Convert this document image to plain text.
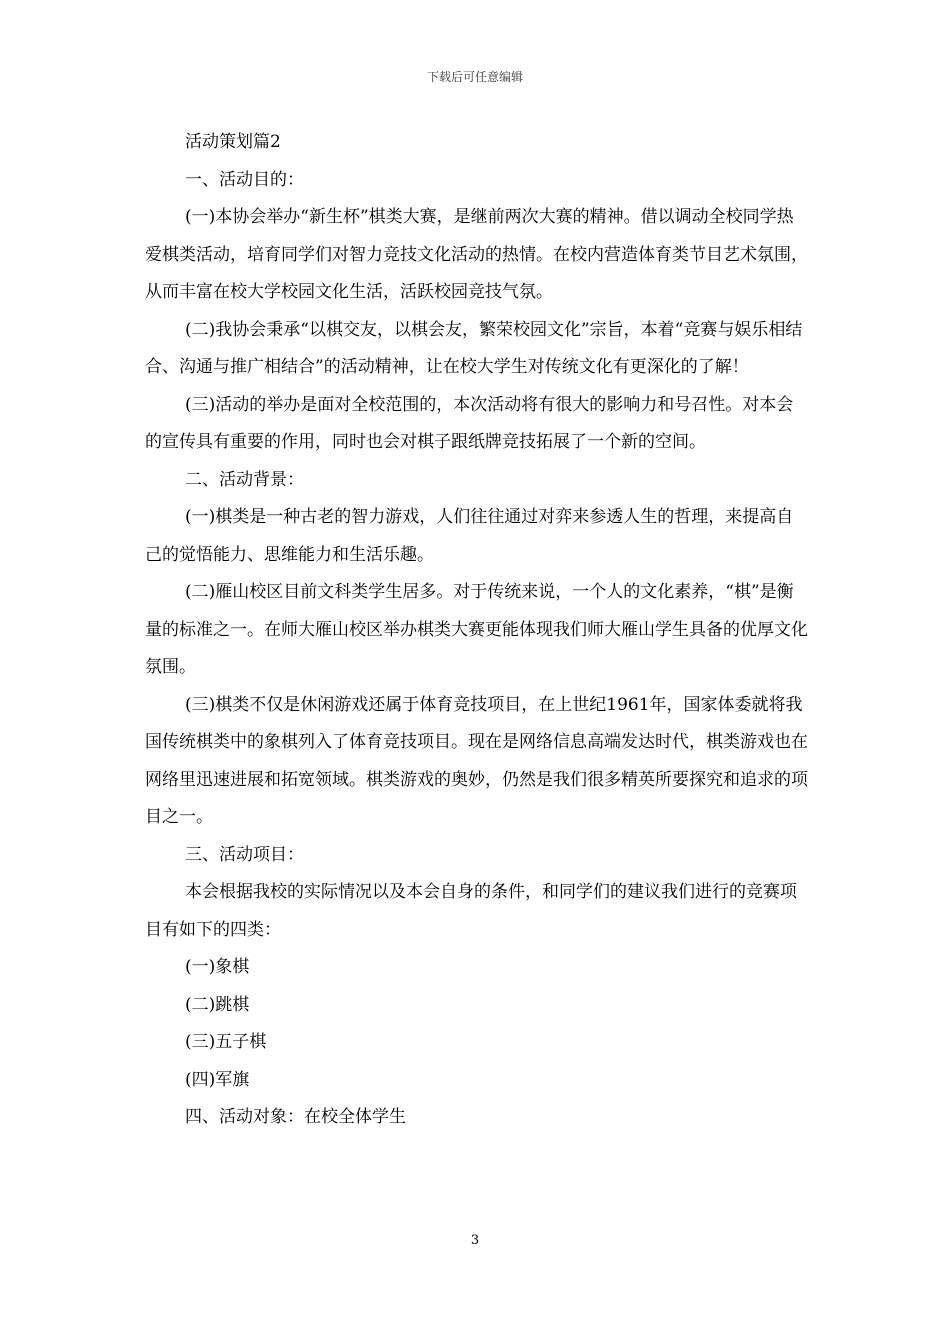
下载后可任意编辑

活动策划篇2

一、活动目的：

(一)本协会举办“新生杯”棋类大赛，是继前两次大赛的精神。借以调动全校同学热爱棋类活动，培育同学们对智力竞技文化活动的热情。在校内营造体育类节目艺术氛围，从而丰富在校大学校园文化生活，活跃校园竞技气氛。

(二)我协会秉承“以棋交友，以棋会友，繁荣校园文化”宗旨，本着“竞赛与娱乐相结合、沟通与推广相结合”的活动精神，让在校大学生对传统文化有更深化的了解！

(三)活动的举办是面对全校范围的，本次活动将有很大的影响力和号召性。对本会的宣传具有重要的作用，同时也会对棋子跟纸牌竞技拓展了一个新的空间。

二、活动背景：

(一)棋类是一种古老的智力游戏，人们往往通过对弈来参透人生的哲理，来提高自己的觉悟能力、思维能力和生活乐趣。

(二)雁山校区目前文科类学生居多。对于传统来说，一个人的文化素养，“棋”是衡量的标准之一。在师大雁山校区举办棋类大赛更能体现我们师大雁山学生具备的优厚文化氛围。

(三)棋类不仅是休闲游戏还属于体育竞技项目，在上世纪1961年，国家体委就将我国传统棋类中的象棋列入了体育竞技项目。现在是网络信息高端发达时代，棋类游戏也在网络里迅速进展和拓宽领域。棋类游戏的奥妙，仍然是我们很多精英所要探究和追求的项目之一。

三、活动项目：

本会根据我校的实际情况以及本会自身的条件，和同学们的建议我们进行的竞赛项目有如下的四类：

(一)象棋

(二)跳棋

(三)五子棋

(四)军旗

四、活动对象：在校全体学生

3
